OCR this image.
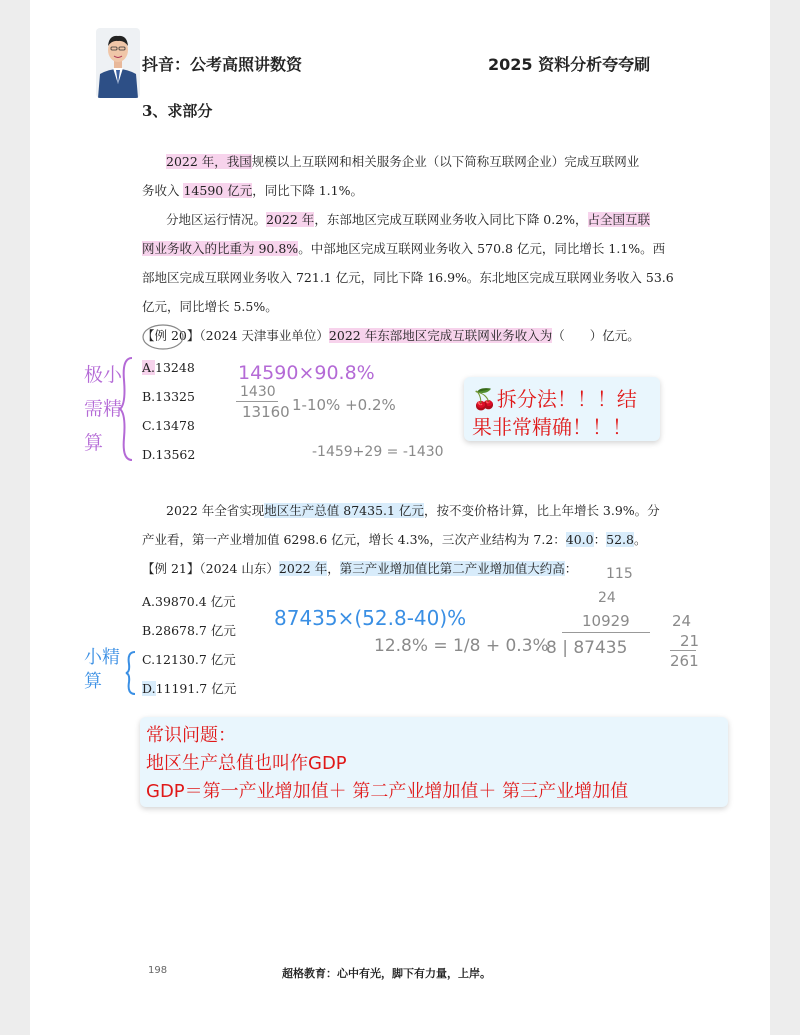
抖音：公考高照讲数资	2025 资料分析夸夸刷
3、求部分
2022 年，我国规模以上互联网和相关服务企业（以下简称互联网企业）完成互联网业
务收入 14590 亿元，同比下降 1.1%。
分地区运行情况。2022 年，东部地区完成互联网业务收入同比下降 0.2%，占全国互联
网业务收入的比重为 90.8%。中部地区完成互联网业务收入 570.8 亿元，同比增长 1.1%。西
部地区完成互联网业务收入 721.1 亿元，同比下降 16.9%。东北地区完成互联网业务收入 53.6
亿元，同比增长 5.5%。
【例 20】（2024 天津事业单位）2022 年东部地区完成互联网业务收入为（　　）亿元。
A.13248
B.13325
C.13478
D.13562
极小需精算
14590×90.8%
1430
13160 1-10% +0.2%
-1459+29 = -1430
🍒拆分法！！！结
果非常精确！！！
2022 年全省实现地区生产总值 87435.1 亿元，按不变价格计算，比上年增长 3.9%。分
产业看，第一产业增加值 6298.6 亿元，增长 4.3%，三次产业结构为 7.2：40.0：52.8。
【例 21】（2024 山东）2022 年，第三产业增加值比第二产业增加值大约高：
A.39870.4 亿元
B.28678.7 亿元
C.12130.7 亿元
D.11191.7 亿元
小精算
87435×(52.8-40)%
12.8% = 1/8 + 0.3%
115
24
10929
8 | 87435
24
21
261
常识问题：
地区生产总值也叫作GDP
GDP＝第一产业增加值＋ 第二产业增加值＋ 第三产业增加值
198	超格教育：心中有光，脚下有力量，上岸。
